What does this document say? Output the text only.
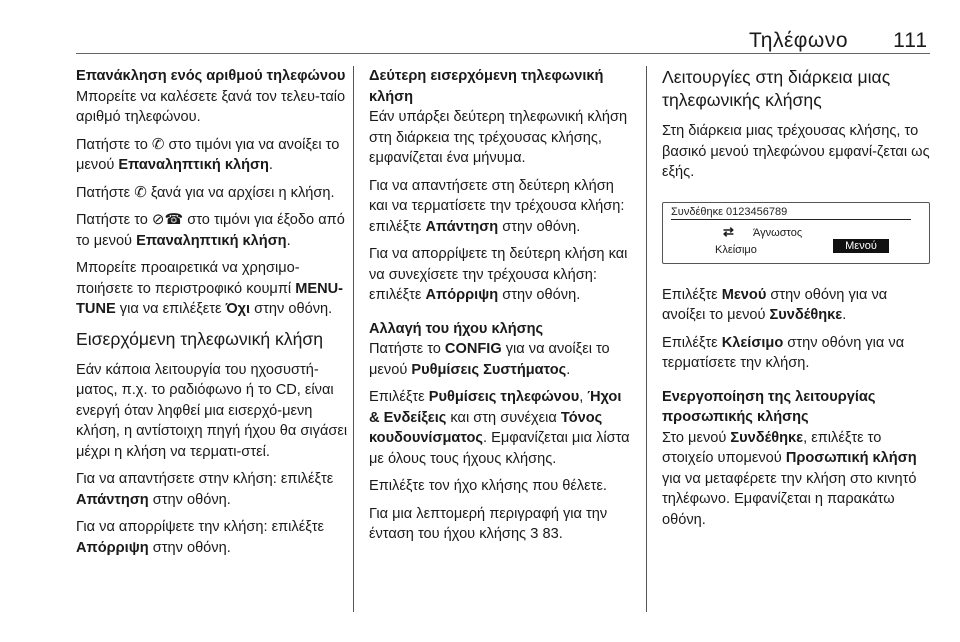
Τηλέφωνο 111

Επανάκληση ενός αριθμού τηλεφώνου

Μπορείτε να καλέσετε ξανά τον τελευ-ταίο αριθμό τηλεφώνου.

Πατήστε το ✆ στο τιμόνι για να ανοίξει το μενού Επαναληπτική κλήση.

Πατήστε ✆ ξανά για να αρχίσει η κλήση.

Πατήστε το ⊘☎ στο τιμόνι για έξοδο από το μενού Επαναληπτική κλήση.

Μπορείτε προαιρετικά να χρησιμο-ποιήσετε το περιστροφικό κουμπί MENU-TUNE για να επιλέξετε Όχι στην οθόνη.

Εισερχόμενη τηλεφωνική κλήση

Εάν κάποια λειτουργία του ηχοσυστή-ματος, π.χ. το ραδιόφωνο ή το CD, είναι ενεργή όταν ληφθεί μια εισερχό-μενη κλήση, η αντίστοιχη πηγή ήχου θα σιγάσει μέχρι η κλήση να τερματι-στεί.

Για να απαντήσετε στην κλήση: επιλέξτε Απάντηση στην οθόνη.

Για να απορρίψετε την κλήση: επιλέξτε Απόρριψη στην οθόνη.

Δεύτερη εισερχόμενη τηλεφωνική κλήση

Εάν υπάρξει δεύτερη τηλεφωνική κλήση στη διάρκεια της τρέχουσας κλήσης, εμφανίζεται ένα μήνυμα.

Για να απαντήσετε στη δεύτερη κλήση και να τερματίσετε την τρέχουσα κλήση: επιλέξτε Απάντηση στην οθόνη.

Για να απορρίψετε τη δεύτερη κλήση και να συνεχίσετε την τρέχουσα κλήση: επιλέξτε Απόρριψη στην οθόνη.

Αλλαγή του ήχου κλήσης

Πατήστε το CONFIG για να ανοίξει το μενού Ρυθμίσεις Συστήματος.

Επιλέξτε Ρυθμίσεις τηλεφώνου, Ήχοι & Ενδείξεις και στη συνέχεια Τόνος κουδουνίσματος. Εμφανίζεται μια λίστα με όλους τους ήχους κλήσης.

Επιλέξτε τον ήχο κλήσης που θέλετε.

Για μια λεπτομερή περιγραφή για την ένταση του ήχου κλήσης 3 83.

Λειτουργίες στη διάρκεια μιας τηλεφωνικής κλήσης

Στη διάρκεια μιας τρέχουσας κλήσης, το βασικό μενού τηλεφώνου εμφανί-ζεται ως εξής.

Συνδέθηκε 0123456789
⇄ Άγνωστος
Κλείσιμο	Μενού

Επιλέξτε Μενού στην οθόνη για να ανοίξει το μενού Συνδέθηκε.

Επιλέξτε Κλείσιμο στην οθόνη για να τερματίσετε την κλήση.

Ενεργοποίηση της λειτουργίας προσωπικής κλήσης

Στο μενού Συνδέθηκε, επιλέξτε το στοιχείο υπομενού Προσωπική κλήση για να μεταφέρετε την κλήση στο κινητό τηλέφωνο. Εμφανίζεται η παρακάτω οθόνη.
